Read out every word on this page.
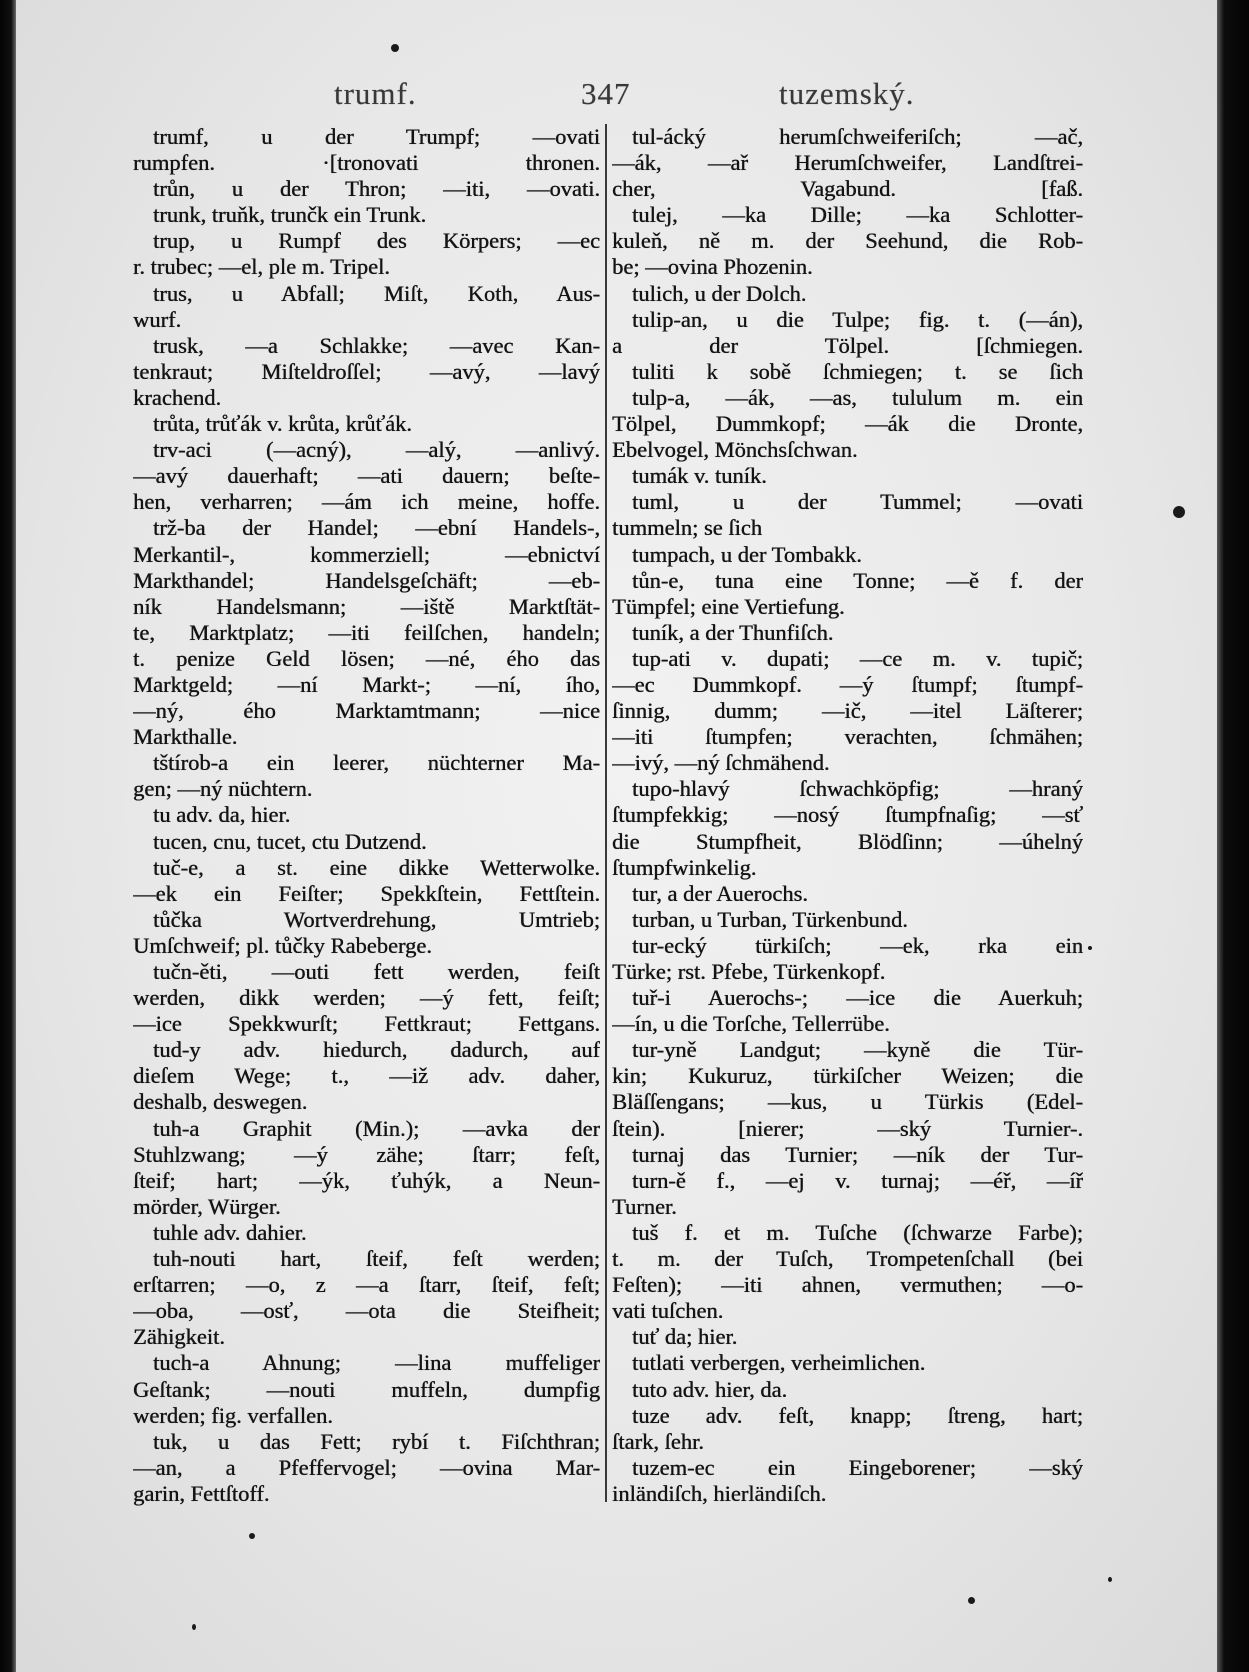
trumf.	347	tuzemský.
trumf, u der Trumpf; —ovati
rumpfen. ·[tronovati thronen.
trůn, u der Thron; —iti, —ovati.
trunk, truňk, trunčk ein Trunk.
trup, u Rumpf des Körpers; —ec
r. trubec; —el, ple m. Tripel.
trus, u Abfall; Miſt, Koth, Aus-
wurf.
trusk, —a Schlakke; —avec Kan-
tenkraut; Miſteldroſſel; —avý, —lavý
krachend.
trůta, trůťák v. krůta, krůťák.
trv-aci (—acný), —alý, —anlivý.
—avý dauerhaft; —ati dauern; beſte-
hen, verharren; —ám ich meine, hoffe.
trž-ba der Handel; —ební Handels-,
Merkantil-, kommerziell; —ebnictví
Markthandel; Handelsgeſchäft; —eb-
ník Handelsmann; —iště Marktſtät-
te, Marktplatz; —iti feilſchen, handeln;
t. penize Geld lösen; —né, ého das
Marktgeld; —ní Markt-; —ní, ího,
—ný, ého Marktamtmann; —nice
Markthalle.
tštírob-a ein leerer, nüchterner Ma-
gen; —ný nüchtern.
tu adv. da, hier.
tucen, cnu, tucet, ctu Dutzend.
tuč-e, a st. eine dikke Wetterwolke.
—ek ein Feiſter; Spekkſtein, Fettſtein.
tůčka Wortverdrehung, Umtrieb;
Umſchweif; pl. tůčky Rabeberge.
tučn-ěti, —outi fett werden, feiſt
werden, dikk werden; —ý fett, feiſt;
—ice Spekkwurſt; Fettkraut; Fettgans.
tud-y adv. hiedurch, dadurch, auf
dieſem Wege; t., —iž adv. daher,
deshalb, deswegen.
tuh-a Graphit (Min.); —avka der
Stuhlzwang; —ý zähe; ſtarr; feſt,
ſteif; hart; —ýk, ťuhýk, a Neun-
mörder, Würger.
tuhle adv. dahier.
tuh-nouti hart, ſteif, feſt werden;
erſtarren; —o, z —a ſtarr, ſteif, feſt;
—oba, —osť, —ota die Steifheit;
Zähigkeit.
tuch-a Ahnung; —lina muffeliger
Geſtank; —nouti muffeln, dumpfig
werden; fig. verfallen.
tuk, u das Fett; rybí t. Fiſchthran;
—an, a Pfeffervogel; —ovina Mar-
garin, Fettſtoff.
tul-ácký herumſchweiferiſch; —ač,
—ák, —ař Herumſchweifer, Landſtrei-
cher, Vagabund. [faß.
tulej, —ka Dille; —ka Schlotter-
kuleň, ně m. der Seehund, die Rob-
be; —ovina Phozenin.
tulich, u der Dolch.
tulip-an, u die Tulpe; fig. t. (—án),
a der Tölpel. [ſchmiegen.
tuliti k sobě ſchmiegen; t. se ſich
tulp-a, —ák, —as, tululum m. ein
Tölpel, Dummkopf; —ák die Dronte,
Ebelvogel, Mönchsſchwan.
tumák v. tuník.
tuml, u der Tummel; —ovati
tummeln; se ſich
tumpach, u der Tombakk.
tůn-e, tuna eine Tonne; —ě f. der
Tümpfel; eine Vertiefung.
tuník, a der Thunfiſch.
tup-ati v. dupati; —ce m. v. tupič;
—ec Dummkopf. —ý ſtumpf; ſtumpf-
ſinnig, dumm; —ič, —itel Läſterer;
—iti ſtumpfen; verachten, ſchmähen;
—ivý, —ný ſchmähend.
tupo-hlavý ſchwachköpfig; —hraný
ſtumpfekkig; —nosý ſtumpfnaſig; —sť
die Stumpfheit, Blödſinn; —úhelný
ſtumpfwinkelig.
tur, a der Auerochs.
turban, u Turban, Türkenbund.
tur-ecký türkiſch; —ek, rka ein
Türke; rst. Pfebe, Türkenkopf.
tuř-i Auerochs-; —ice die Auerkuh;
—ín, u die Torſche, Tellerrübe.
tur-yně Landgut; —kyně die Tür-
kin; Kukuruz, türkiſcher Weizen; die
Bläſſengans; —kus, u Türkis (Edel-
ſtein). [nierer; —ský Turnier-.
turnaj das Turnier; —ník der Tur-
turn-ě f., —ej v. turnaj; —éř, —íř
Turner.
tuš f. et m. Tuſche (ſchwarze Farbe);
t. m. der Tuſch, Trompetenſchall (bei
Feſten); —iti ahnen, vermuthen; —o-
vati tuſchen.
tuť da; hier.
tutlati verbergen, verheimlichen.
tuto adv. hier, da.
tuze adv. feſt, knapp; ſtreng, hart;
ſtark, ſehr.
tuzem-ec ein Eingeborener; —ský
inländiſch, hierländiſch.
